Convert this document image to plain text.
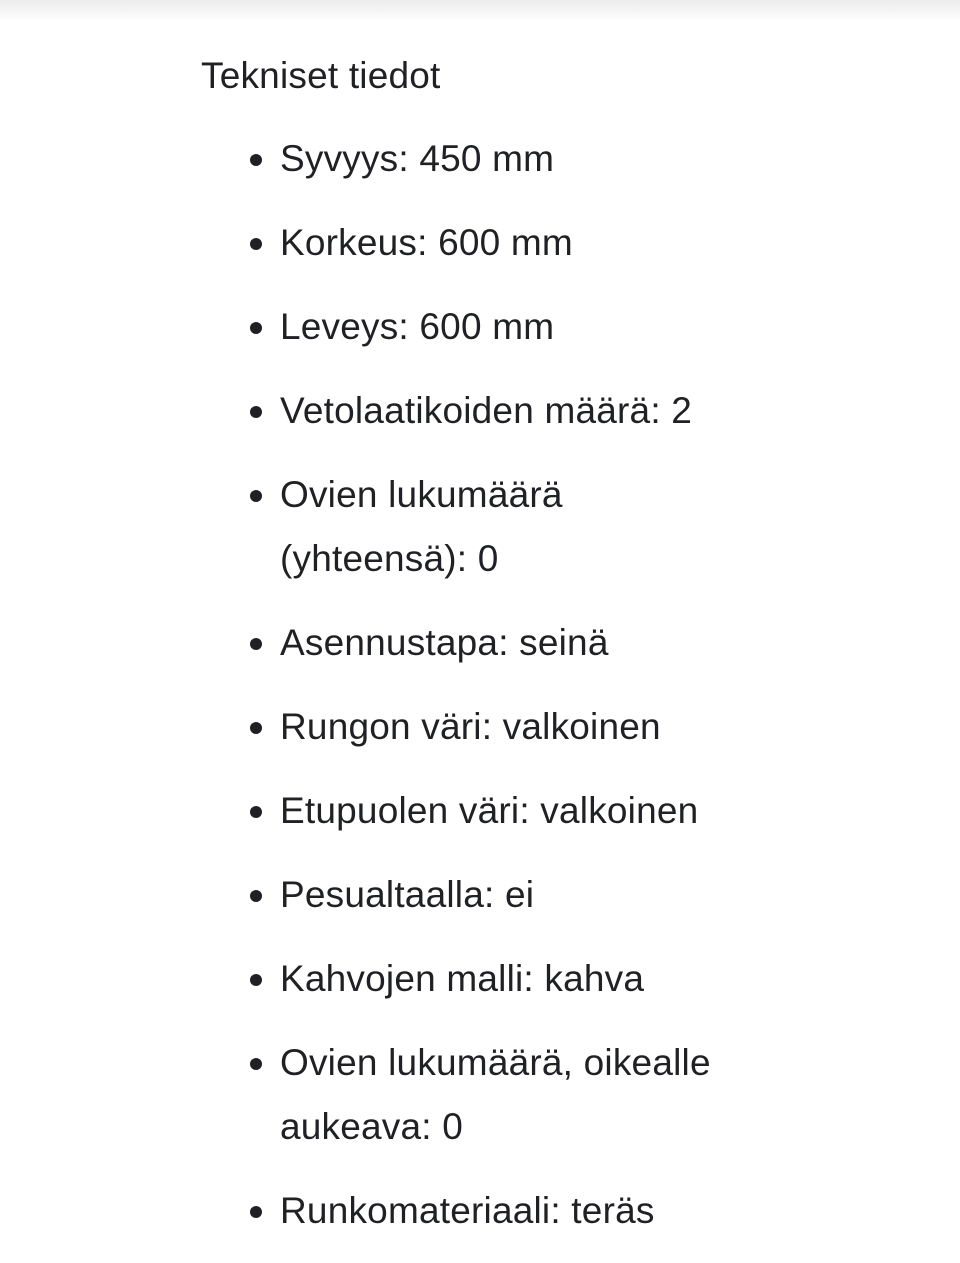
Tekniset tiedot
Syvyys: 450 mm
Korkeus: 600 mm
Leveys: 600 mm
Vetolaatikoiden määrä: 2
Ovien lukumäärä (yhteensä): 0
Asennustapa: seinä
Rungon väri: valkoinen
Etupuolen väri: valkoinen
Pesualtaalla: ei
Kahvojen malli: kahva
Ovien lukumäärä, oikealle aukeava: 0
Runkomateriaali: teräs
